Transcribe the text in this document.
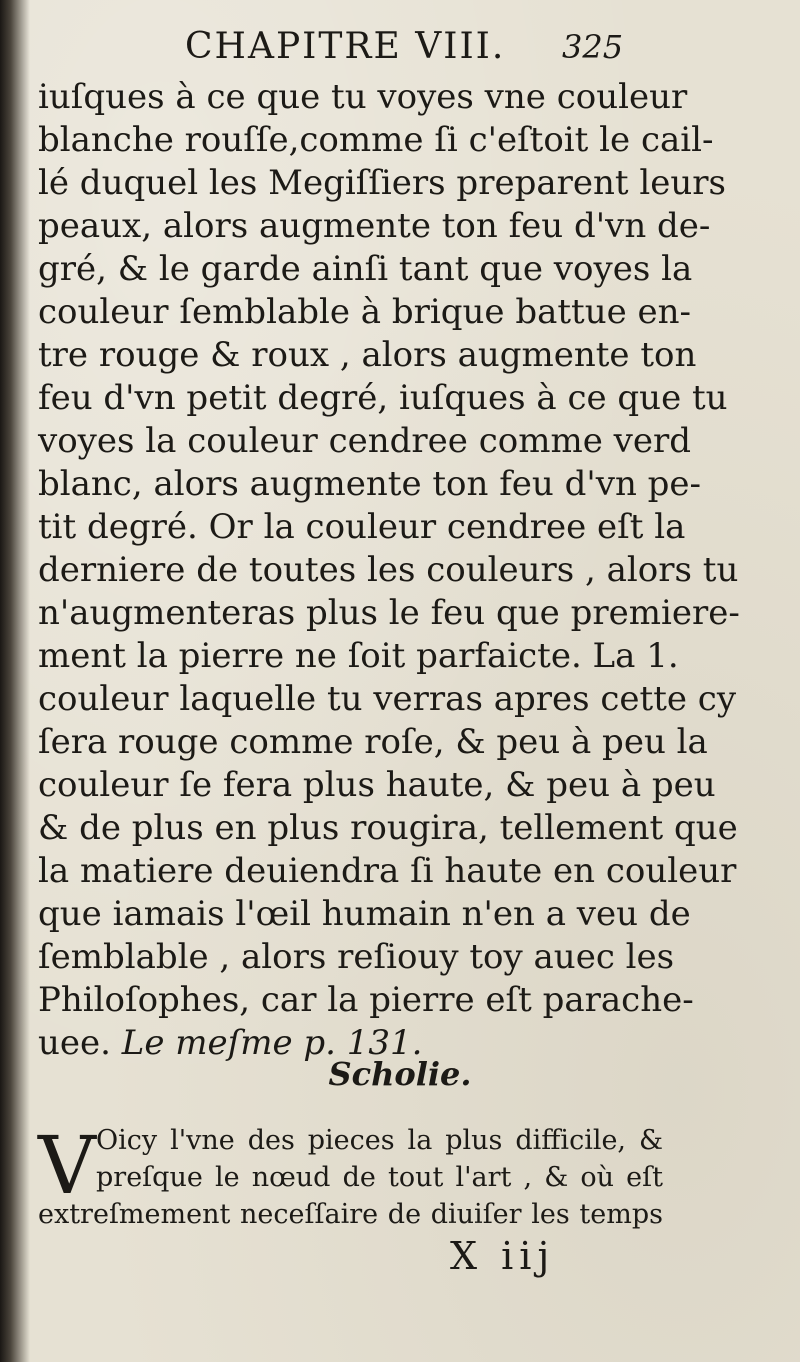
CHAPITRE VIII. 325
iuſques à ce que tu voyes vne couleur
blanche rouſſe,comme ſi c'eſtoit le cail-
lé duquel les Megiſſiers preparent leurs
peaux, alors augmente ton feu d'vn de-
gré, & le garde ainſi tant que voyes la
couleur ſemblable à brique battue en-
tre rouge & roux , alors augmente ton
feu d'vn petit degré, iuſques à ce que tu
voyes la couleur cendree comme verd
blanc, alors augmente ton feu d'vn pe-
tit degré. Or la couleur cendree eſt la
derniere de toutes les couleurs , alors tu
n'augmenteras plus le feu que premiere-
ment la pierre ne ſoit parfaicte. La 1.
couleur laquelle tu verras apres cette cy
ſera rouge comme roſe, & peu à peu la
couleur ſe fera plus haute, & peu à peu
& de plus en plus rougira, tellement que
la matiere deuiendra ſi haute en couleur
que iamais l'œil humain n'en a veu de
ſemblable , alors reſiouy toy auec les
Philoſophes, car la pierre eſt parache-
uee. Le meſme p. 131.
Scholie.
V Oicy l'vne des pieces la plus difficile, &
preſque le nœud de tout l'art , & où eſt
extreſmement neceſſaire de diuiſer les temps
X iij
